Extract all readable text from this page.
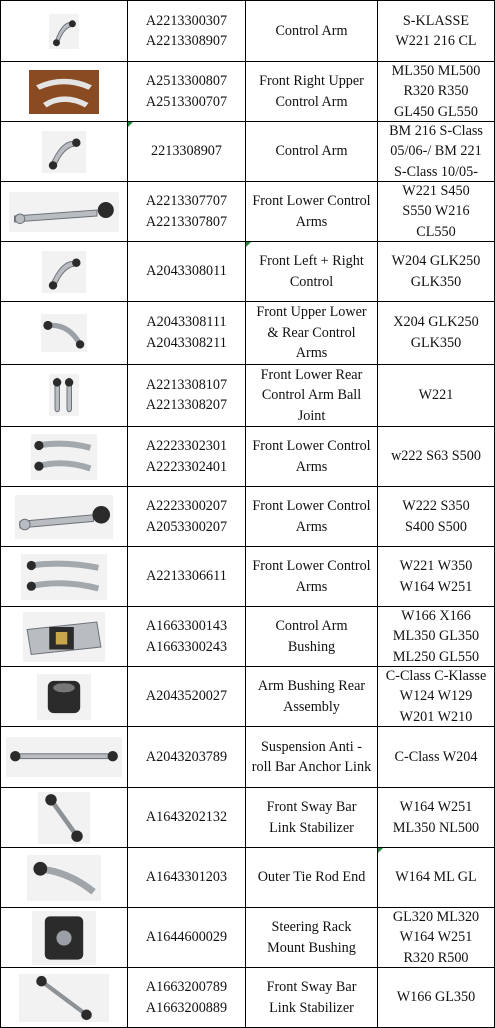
A2213300307
A2213308907	Control Arm	S-KLASSE
W221 216 CL

A2513300807
A2513300707	Front Right Upper
Control Arm	ML350 ML500
R320 R350
GL450 GL550

2213308907	Control Arm	BM 216 S-Class
05/06-/ BM 221
S-Class 10/05-

A2213307707
A2213307807	Front Lower Control
Arms	W221 S450
S550 W216
CL550

A2043308011	Front Left + Right
Control	W204 GLK250
GLK350

A2043308111
A2043308211	Front Upper Lower
& Rear Control
Arms	X204 GLK250
GLK350

A2213308107
A2213308207	Front Lower Rear
Control Arm Ball
Joint	W221

A2223302301
A2223302401	Front Lower Control
Arms	w222 S63 S500

A2223300207
A2053300207	Front Lower Control
Arms	W222 S350
S400 S500

A2213306611	Front Lower Control
Arms	W221 W350
W164 W251

A1663300143
A1663300243	Control Arm
Bushing	W166 X166
ML350 GL350
ML250 GL550

A2043520027	Arm Bushing Rear
Assembly	C-Class C-Klasse
W124 W129
W201 W210

A2043203789	Suspension Anti -
roll Bar Anchor Link	C-Class W204

A1643202132	Front Sway Bar
Link Stabilizer	W164 W251
ML350 NL500

A1643301203	Outer Tie Rod End	W164 ML GL

A1644600029	Steering Rack
Mount Bushing	GL320 ML320
W164 W251
R320 R500

A1663200789
A1663200889	Front Sway Bar
Link Stabilizer	W166 GL350
